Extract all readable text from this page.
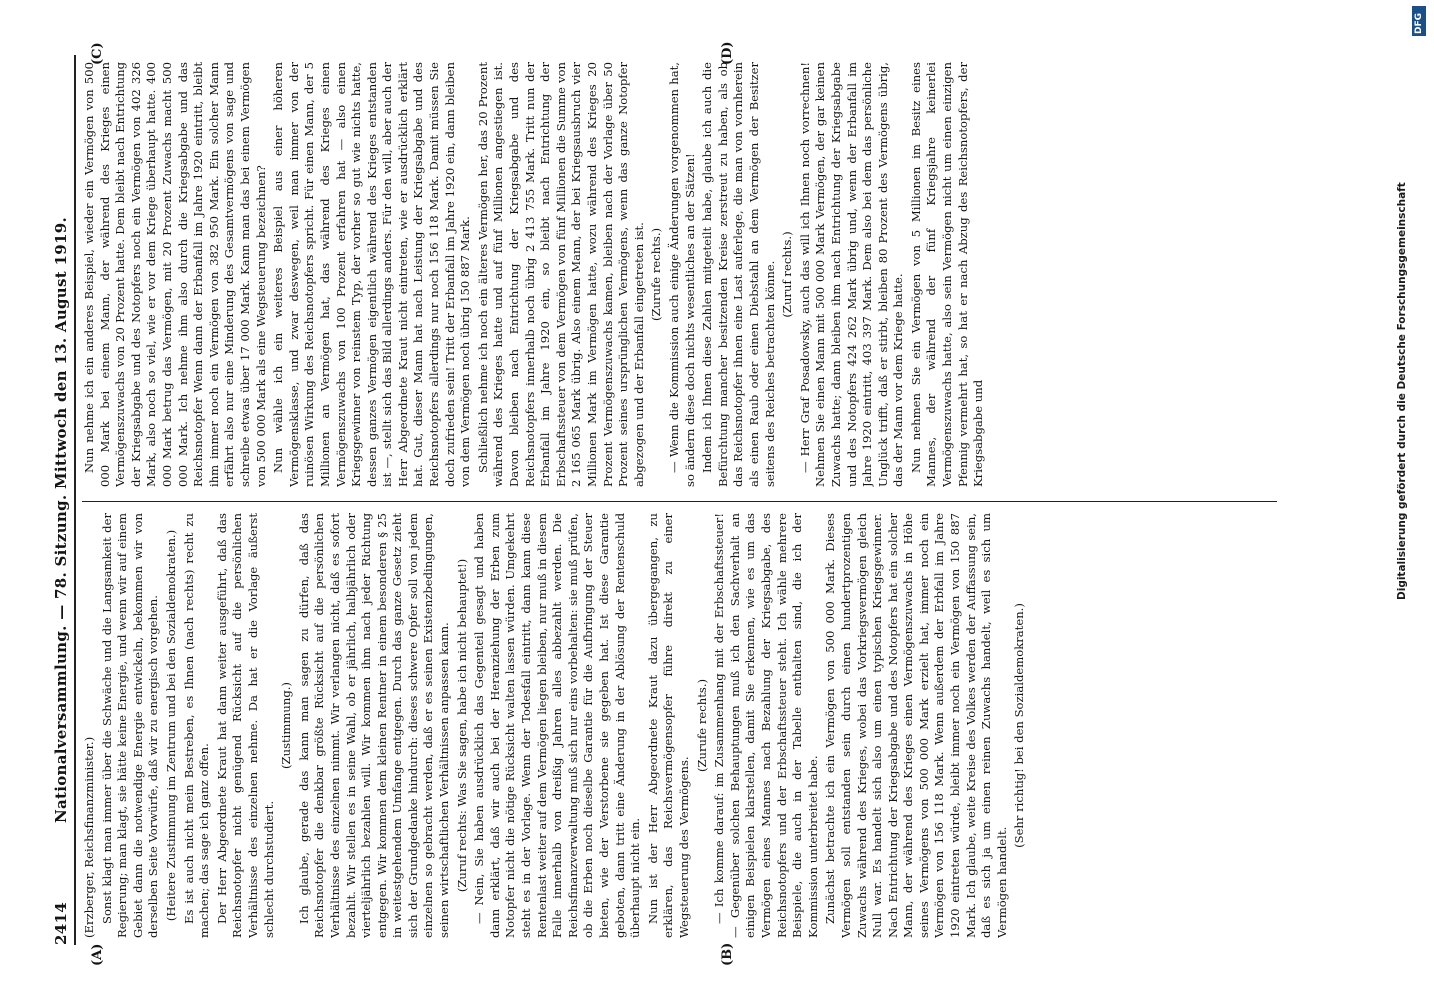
2414
Nationalversammlung. — 78. Sitzung. Mittwoch den 13. August 1919.
(A)	(B)
(C)	(D)

(Erzberger, Reichsfinanzminister.) Sonst klagt man immer über die Schwäche und die Langsamkeit der Regierung; man klagt, sie hätte keine Energie, und wenn wir auf einem Gebiet dann die notwendige Energie entwickeln, bekommen wir von derselben Seite Vorwürfe, daß wir zu energisch vorgehen. (Heitere Zustimmung im Zentrum und bei den Sozialdemokraten.) Es ist auch nicht mein Bestreben, es Ihnen (nach rechts) recht zu machen; das sage ich ganz offen. Der Herr Abgeordnete Kraut hat dann weiter ausgeführt, daß das Reichsnotopfer nicht genügend Rücksicht auf die persönlichen Verhältnisse des einzelnen nehme. Da hat er die Vorlage äußerst schlecht durchstudiert.

(Zustimmung.) Ich glaube, gerade das kann man sagen zu dürfen, daß das Reichsnotopfer die denkbar größte Rücksicht auf die persönlichen Verhältnisse des einzelnen nimmt. Wir verlangen nicht, daß es sofort bezahlt. Wir stellen es in seine Wahl, ob er jährlich, halbjährlich oder vierteljährlich bezahlen will. Wir kommen ihm nach jeder Richtung entgegen. Wir kommen dem kleinen Rentner in einem besonderen § 25 in weitestgehendem Umfange entgegen. Durch das ganze Gesetz zieht sich der Grundgedanke hindurch: dieses schwere Opfer soll von jedem einzelnen so gebracht werden, daß er es seinen Existenzbedingungen, seinen wirtschaftlichen Verhältnissen anpassen kann. (Zuruf rechts: Was Sie sagen, habe ich nicht behauptet!) — Nein, Sie haben ausdrücklich das Gegenteil gesagt und haben dann erklärt, daß wir auch bei der Heranziehung der Erben zum Notopfer nicht die nötige Rücksicht walten lassen würden. Umgekehrt steht es in der Vorlage. Wenn der Todesfall eintritt, dann kann diese Rentenlast weiter auf dem Vermögen liegen bleiben, nur muß in diesem Falle innerhalb von dreißig Jahren alles abbezahlt werden. Die Reichsfinanzverwaltung muß sich nur eins vorbehalten: sie muß prüfen, ob die Erben noch dieselbe Garantie für die Aufbringung der Steuer bieten, wie der Verstorbene sie gegeben hat. Ist diese Garantie geboten, dann tritt eine Änderung in der Ablösung der Rentenschuld überhaupt nicht ein. Nun ist der Herr Abgeordnete Kraut dazu übergegangen, zu erklären, das Reichsvermögensopfer führe direkt zu einer Wegsteuerung des Vermögens.

(Zurufe rechts.) — Ich komme darauf: im Zusammenhang mit der Erbschaftssteuer! — Gegenüber solchen Behauptungen muß ich den Sachverhalt an einigen Beispielen klarstellen, damit Sie erkennen, wie es um das Vermögen eines Mannes nach Bezahlung der Kriegsabgabe, des Reichsnotopfers und der Erbschaftssteuer steht. Ich wähle mehrere Beispiele, die auch in der Tabelle enthalten sind, die ich der Kommission unterbreitet habe. Zunächst betrachte ich ein Vermögen von 500 000 Mark. Dieses Vermögen soll entstanden sein durch einen hundertprozentigen Zuwachs während des Krieges, wobei das Vorkriegsvermögen gleich Null war. Es handelt sich also um einen typischen Kriegsgewinner. Nach Entrichtung der Kriegsabgabe und des Notopfers hat ein solcher Mann, der während des Krieges einen Vermögenszuwachs in Höhe seines Vermögens von 500 000 Mark erzielt hat, immer noch ein Vermögen von 156 118 Mark. Wenn außerdem der Erbfall im Jahre 1920 eintreten würde, bleibt immer noch ein Vermögen von 150 887 Mark. Ich glaube, weite Kreise des Volkes werden der Auffassung sein, daß es sich ja um einen reinen Zuwachs handelt, weil es sich um Vermögen handelt.

(Sehr richtig! bei den Sozialdemokraten.)

Nun nehme ich ein anderes Beispiel, wieder ein Vermögen von 500 000 Mark bei einem Mann, der während des Krieges einen Vermögenszuwachs von 20 Prozent hatte. Dem bleibt nach Entrichtung der Kriegsabgabe und des Notopfers noch ein Vermögen von 402 326 Mark, also noch so viel, wie er vor dem Kriege überhaupt hatte. 400 000 Mark betrug das Vermögen, mit 20 Prozent Zuwachs macht 500 000 Mark. Ich nehme ihm also durch die Kriegsabgabe und das Reichsnotopfer Wenn dann der Erbanfall im Jahre 1920 eintritt, bleibt ihm immer noch ein Vermögen von 382 950 Mark. Ein solcher Mann erfährt also nur eine Minderung des Gesamtvermögens von sage und schreibe etwas über 17 000 Mark. Kann man das bei einem Vermögen von 500 000 Mark als eine Wegsteuerung bezeichnen? Nun wähle ich ein weiteres Beispiel aus einer höheren Vermögensklasse, und zwar deswegen, weil man immer von der ruinösen Wirkung des Reichsnotopfers spricht. Für einen Mann, der 5 Millionen an Vermögen hat, das während des Krieges einen Vermögenszuwachs von 100 Prozent erfahren hat — also einen Kriegsgewinner von reinstem Typ, der vorher so gut wie nichts hatte, dessen ganzes Vermögen eigentlich während des Krieges entstanden ist —, stellt sich das Bild allerdings anders. Für den will, aber auch der Herr Abgeordnete Kraut nicht eintreten, wie er ausdrücklich erklärt hat. Gut, dieser Mann hat nach Leistung der Kriegsabgabe und des Reichsnotopfers allerdings nur noch 156 118 Mark. Damit müssen Sie doch zufrieden sein! Tritt der Erbanfall im Jahre 1920 ein, dann bleiben von dem Vermögen noch übrig 150 887 Mark. Schließlich nehme ich noch ein älteres Vermögen her, das 20 Prozent während des Krieges hatte und auf fünf Millionen angestiegen ist. Davon bleiben nach Entrichtung der Kriegsabgabe und des Reichsnotopfers innerhalb noch übrig 2 413 755 Mark. Tritt nun der Erbanfall im Jahre 1920 ein, so bleibt nach Entrichtung der Erbschaftssteuer von dem Vermögen von fünf Millionen die Summe von 2 165 065 Mark übrig. Also einem Mann, der bei Kriegsausbruch vier Millionen Mark im Vermögen hatte, wozu während des Krieges 20 Prozent Vermögenszuwachs kamen, bleiben nach der Vorlage über 50 Prozent seines ursprünglichen Vermögens, wenn das ganze Notopfer abgezogen und der Erbanfall eingetreten ist. (Zurufe rechts.) — Wenn die Kommission auch einige Änderungen vorgenommen hat, so ändern diese doch nichts wesentliches an der Sätzen! Indem ich Ihnen diese Zahlen mitgeteilt habe, glaube ich auch die Befürchtung mancher besitzenden Kreise zerstreut zu haben, als ob das Reichsnotopfer ihnen eine Last auferlege, die man von vornherein als einen Raub oder einen Diebstahl an dem Vermögen der Besitzer seitens des Reiches betrachten könne. (Zuruf rechts.) — Herr Graf Posadowsky, auch das will ich Ihnen noch vorrechnen! Nehmen Sie einen Mann mit 500 000 Mark Vermögen, der gar keinen Zuwachs hatte; dann bleiben ihm nach Entrichtung der Kriegsabgabe und des Notopfers 424 262 Mark übrig und, wenn der Erbanfall im Jahre 1920 eintritt, 403 397 Mark. Dem also bei dem das persönliche Unglück trifft, daß er stirbt, bleiben 80 Prozent des Vermögens übrig, das der Mann vor dem Kriege hatte. Nun nehmen Sie ein Vermögen von 5 Millionen im Besitz eines Mannes, der während der fünf Kriegsjahre keinerlei Vermögenszuwachs hatte, also sein Vermögen nicht um einen einzigen Pfennig vermehrt hat, so hat er nach Abzug des Reichsnotopfers, der Kriegsabgabe und	Digitalisierung gefördert durch die Deutsche Forschungsgemeinschaft
DFG
